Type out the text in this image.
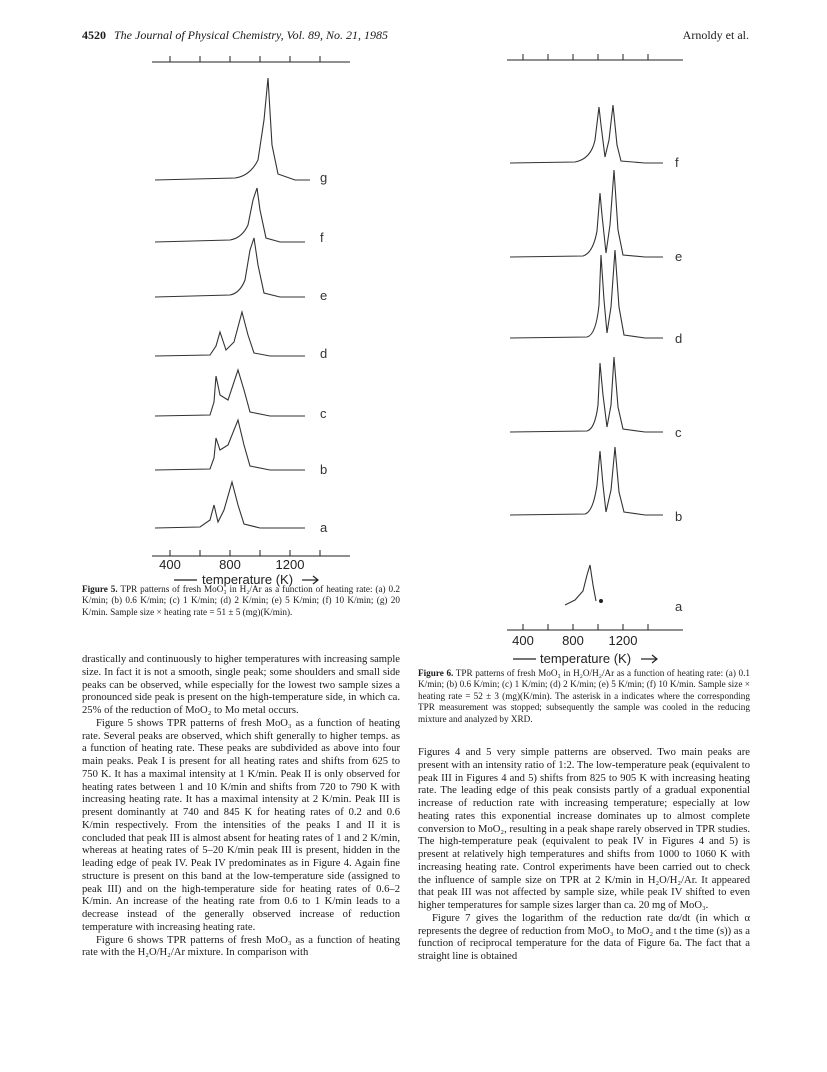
4520 The Journal of Physical Chemistry, Vol. 89, No. 21, 1985	Arnoldy et al.
g
f
e
d
c
b
a
400	800	1200
temperature (K)
Figure 5. TPR patterns of fresh MoO₃ in H₂/Ar as a function of heating rate: (a) 0.2 K/min; (b) 0.6 K/min; (c) 1 K/min; (d) 2 K/min; (e) 5 K/min; (f) 10 K/min; (g) 20 K/min. Sample size × heating rate = 51 ± 5 (mg)(K/min).
f
e
d
c
b
a
400 800 1200
temperature (K)
*
Figure 6. TPR patterns of fresh MoO₃ in H₂O/H₂/Ar as a function of heating rate: (a) 0.1 K/min; (b) 0.6 K/min; (c) 1 K/min; (d) 2 K/min; (e) 5 K/min; (f) 10 K/min. Sample size × heating rate = 52 ± 3 (mg)(K/min). The asterisk in a indicates where the corresponding TPR measurement was stopped; subsequently the sample was cooled in the reducing mixture and analyzed by XRD.

drastically and continuously to higher temperatures with increasing sample size. In fact it is not a smooth, single peak; some shoulders and small side peaks can be observed, while especially for the lowest two sample sizes a pronounced side peak is present on the high-temperature side, in which ca. 25% of the reduction of MoO₂ to Mo metal occurs.

Figure 5 shows TPR patterns of fresh MoO₃ as a function of heating rate. Several peaks are observed, which shift generally to higher temps. as a function of heating rate. These peaks are subdivided as above into four main peaks. Peak I is present for all heating rates and shifts from 625 to 750 K. It has a maximal intensity at 1 K/min. Peak II is only observed for heating rates between 1 and 10 K/min and shifts from 720 to 790 K with increasing heating rate. It has a maximal intensity at 2 K/min. Peak III is present dominantly at 740 and 845 K for heating rates of 0.2 and 0.6 K/min respectively. From the intensities of the peaks I and II it is concluded that peak III is almost absent for heating rates of 1 and 2 K/min, whereas at heating rates of 5–20 K/min peak III is present, hidden in the leading edge of peak IV. Peak IV predominates as in Figure 4. Again fine structure is present on this band at the low-temperature side (assigned to peak III) and on the high-temperature side for heating rates of 0.6–2 K/min. An increase of the heating rate from 0.6 to 1 K/min leads to a decrease instead of the generally observed increase of reduction temperature with increasing heating rate.

Figure 6 shows TPR patterns of fresh MoO₃ as a function of heating rate with the H₂O/H₂/Ar mixture. In comparison with

Figures 4 and 5 very simple patterns are observed. Two main peaks are present with an intensity ratio of 1:2. The low-temperature peak (equivalent to peak III in Figures 4 and 5) shifts from 825 to 905 K with increasing heating rate. The leading edge of this peak consists partly of a gradual exponential increase of reduction rate with increasing temperature; especially at low heating rates this exponential increase dominates up to almost complete conversion to MoO₂, resulting in a peak shape rarely observed in TPR studies. The high-temperature peak (equivalent to peak IV in Figures 4 and 5) is present at relatively high temperatures and shifts from 1000 to 1060 K with increasing heating rate. Control experiments have been carried out to check the influence of sample size on TPR at 2 K/min in H₂O/H₂/Ar. It appeared that peak III was not affected by sample size, while peak IV shifted to even higher temperatures for sample sizes larger than ca. 20 mg of MoO₃.

Figure 7 gives the logarithm of the reduction rate dα/dt (in which α represents the degree of reduction from MoO₃ to MoO₂ and t the time (s)) as a function of reciprocal temperature for the data of Figure 6a. The fact that a straight line is obtained
